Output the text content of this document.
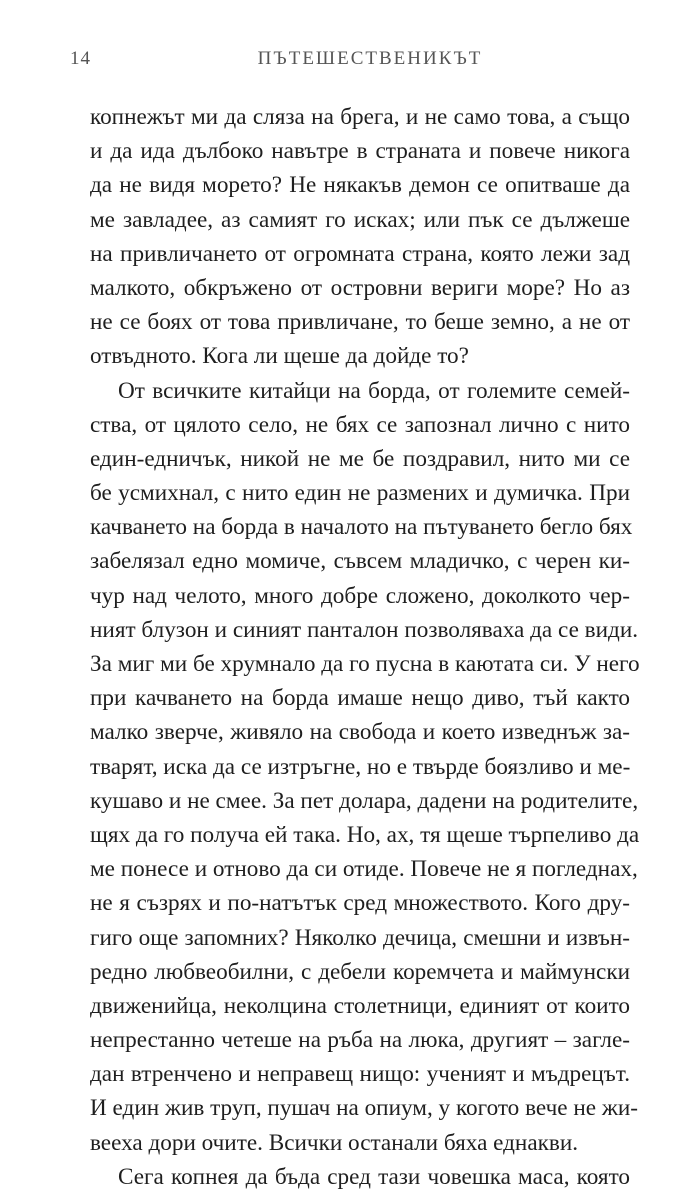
14	ПЪТЕШЕСТВЕНИКЪТ
копнежът ми да сляза на брега, и не само това, а също
и да ида дълбоко навътре в страната и повече никога
да не видя морето? Не някакъв демон се опитваше да
ме завладее, аз самият го исках; или пък се дължеше
на привличането от огромната страна, която лежи зад
малкото, обкръжено от островни вериги море? Но аз
не се боях от това привличане, то беше земно, а не от
отвъдното. Кога ли щеше да дойде то?
От всичките китайци на борда, от големите семей-
ства, от цялото село, не бях се запознал лично с нито
един-едничък, никой не ме бе поздравил, нито ми се
бе усмихнал, с нито един не размених и думичка. При
качването на борда в началото на пътуването бегло бях
забелязал едно момиче, съвсем младичко, с черен ки-
чур над челото, много добре сложено, доколкото чер-
ният блузон и синият панталон позволяваха да се види.
За миг ми бе хрумнало да го пусна в каютата си. У него
при качването на борда имаше нещо диво, тъй както
малко зверче, живяло на свобода и което изведнъж за-
тварят, иска да се изтръгне, но е твърде боязливо и ме-
кушаво и не смее. За пет долара, дадени на родителите,
щях да го получа ей така. Но, ах, тя щеше търпеливо да
ме понесе и отново да си отиде. Повече не я погледнах,
не я съзрях и по-натътък сред множеството. Кого дру-
гиго още запомних? Няколко дечица, смешни и извън-
редно любвеобилни, с дебели коремчета и маймунски
движенийца, неколцина столетници, единият от които
непрестанно четеше на ръба на люка, другият – загле-
дан втренчено и неправещ нищо: ученият и мъдрецът.
И един жив труп, пушач на опиум, у когото вече не жи-
вееха дори очите. Всички останали бяха еднакви.
Сега копнея да бъда сред тази човешка маса, която
